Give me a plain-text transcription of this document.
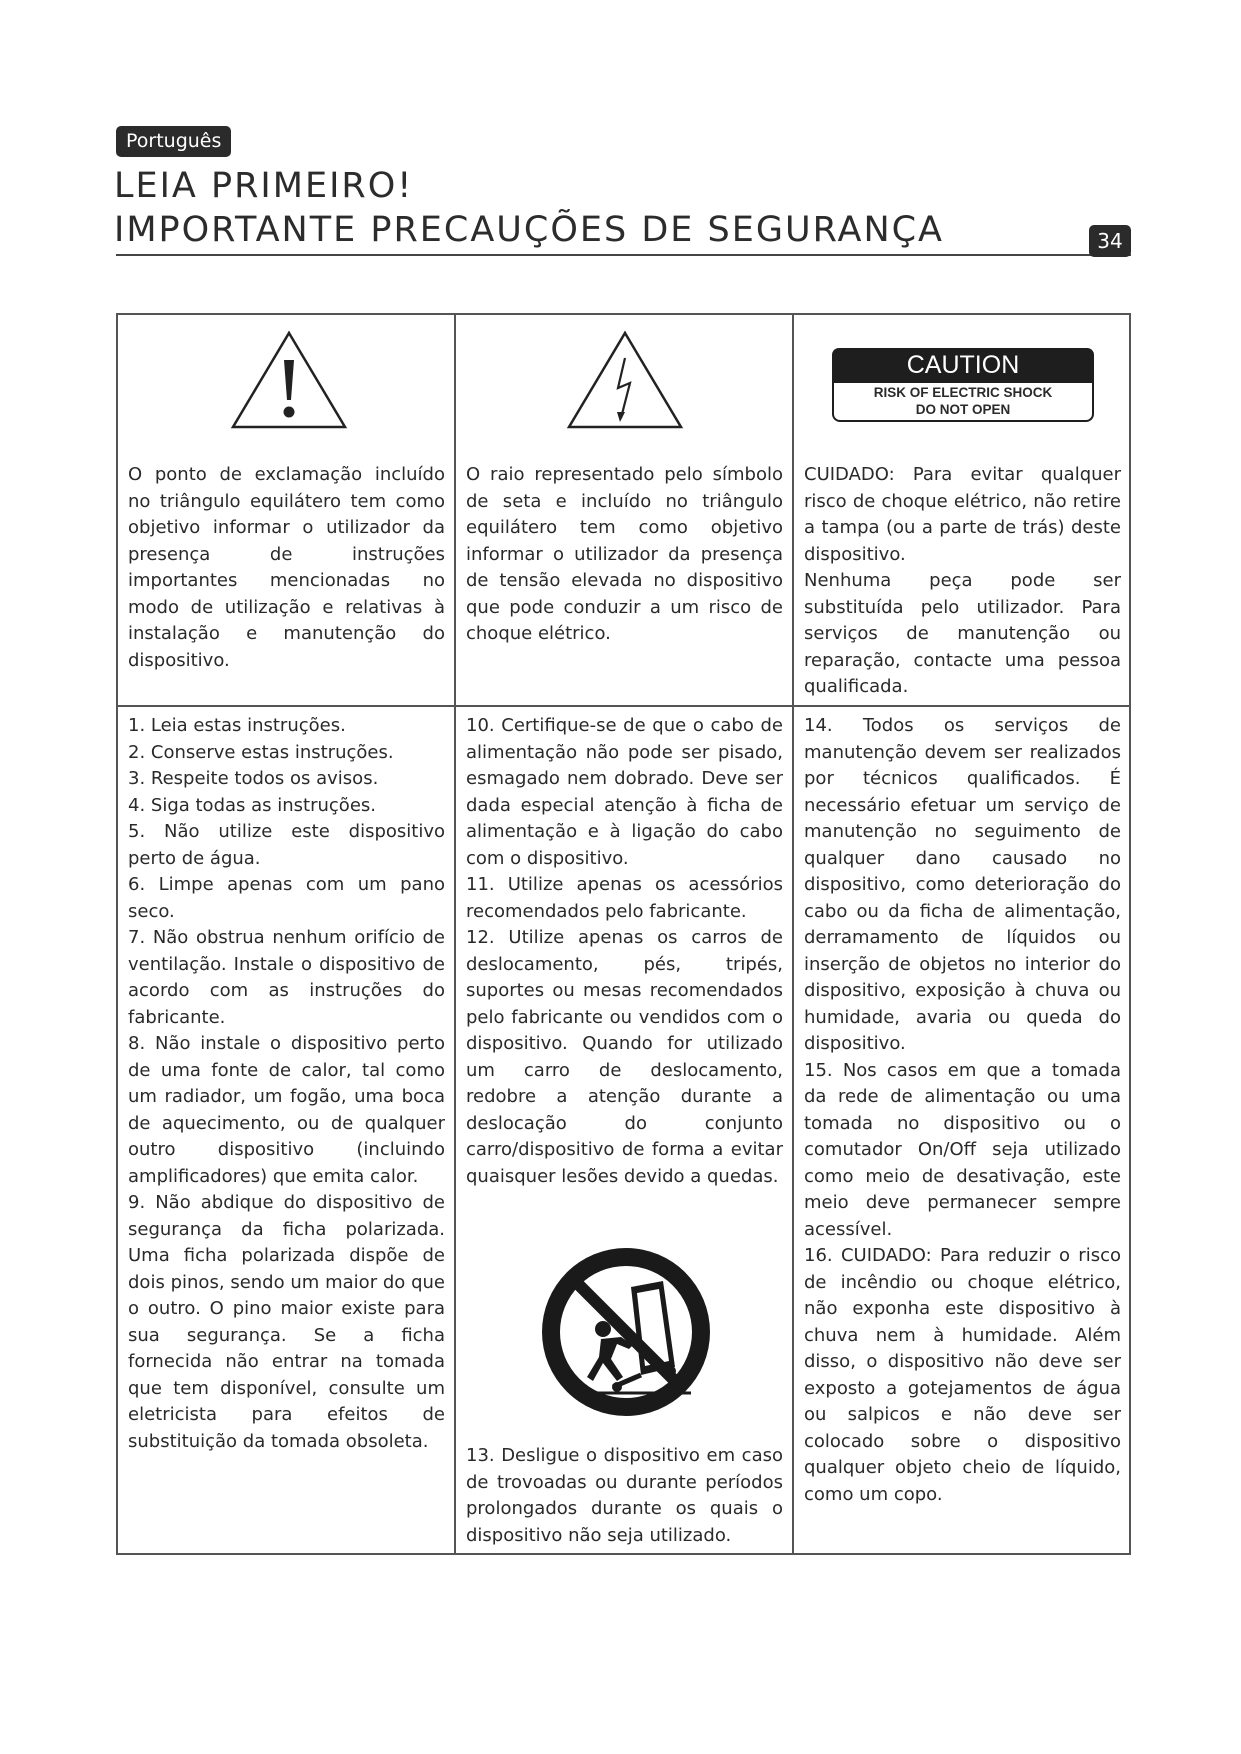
Português
LEIA PRIMEIRO!
IMPORTANTE PRECAUÇÕES DE SEGURANÇA	34
CAUTION
RISK OF ELECTRIC SHOCK
DO NOT OPEN
O ponto de exclamação incluído no triângulo equilátero tem como objetivo informar o utilizador da presença de instruções importantes mencionadas no modo de utilização e relativas à instalação e manutenção do dispositivo.
O raio representado pelo símbolo de seta e incluído no triângulo equilátero tem como objetivo informar o utilizador da presença de tensão elevada no dispositivo que pode conduzir a um risco de choque elétrico.

CUIDADO: Para evitar qualquer risco de choque elétrico, não retire a tampa (ou a parte de trás) deste dispositivo.

Nenhuma peça pode ser substituída pelo utilizador. Para serviços de manutenção ou reparação, contacte uma pessoa qualificada.

1. Leia estas instruções.

2. Conserve estas instruções.

3. Respeite todos os avisos.

4. Siga todas as instruções.

5. Não utilize este dispositivo perto de água.

6. Limpe apenas com um pano seco.

7. Não obstrua nenhum orifício de ventilação. Instale o dispositivo de acordo com as instruções do fabricante.

8. Não instale o dispositivo perto de uma fonte de calor, tal como um radiador, um fogão, uma boca de aquecimento, ou de qualquer outro dispositivo (incluindo amplificadores) que emita calor.

9. Não abdique do dispositivo de segurança da ficha polarizada. Uma ficha polarizada dispõe de dois pinos, sendo um maior do que o outro. O pino maior existe para sua segurança. Se a ficha fornecida não entrar na tomada que tem disponível, consulte um eletricista para efeitos de substituição da tomada obsoleta.

10. Certifique-se de que o cabo de alimentação não pode ser pisado, esmagado nem dobrado. Deve ser dada especial atenção à ficha de alimentação e à ligação do cabo com o dispositivo.

11. Utilize apenas os acessórios recomendados pelo fabricante.

12. Utilize apenas os carros de deslocamento, pés, tripés, suportes ou mesas recomendados pelo fabricante ou vendidos com o dispositivo. Quando for utilizado um carro de deslocamento, redobre a atenção durante a deslocação do conjunto carro/dispositivo de forma a evitar quaisquer lesões devido a quedas.

13. Desligue o dispositivo em caso de trovoadas ou durante períodos prolongados durante os quais o dispositivo não seja utilizado.

14. Todos os serviços de manutenção devem ser realizados por técnicos qualificados. É necessário efetuar um serviço de manutenção no seguimento de qualquer dano causado no dispositivo, como deterioração do cabo ou da ficha de alimentação, derramamento de líquidos ou inserção de objetos no interior do dispositivo, exposição à chuva ou humidade, avaria ou queda do dispositivo.

15. Nos casos em que a tomada da rede de alimentação ou uma tomada no dispositivo ou o comutador On/Off seja utilizado como meio de desativação, este meio deve permanecer sempre acessível.

16. CUIDADO: Para reduzir o risco de incêndio ou choque elétrico, não exponha este dispositivo à chuva nem à humidade. Além disso, o dispositivo não deve ser exposto a gotejamentos de água ou salpicos e não deve ser colocado sobre o dispositivo qualquer objeto cheio de líquido, como um copo.
